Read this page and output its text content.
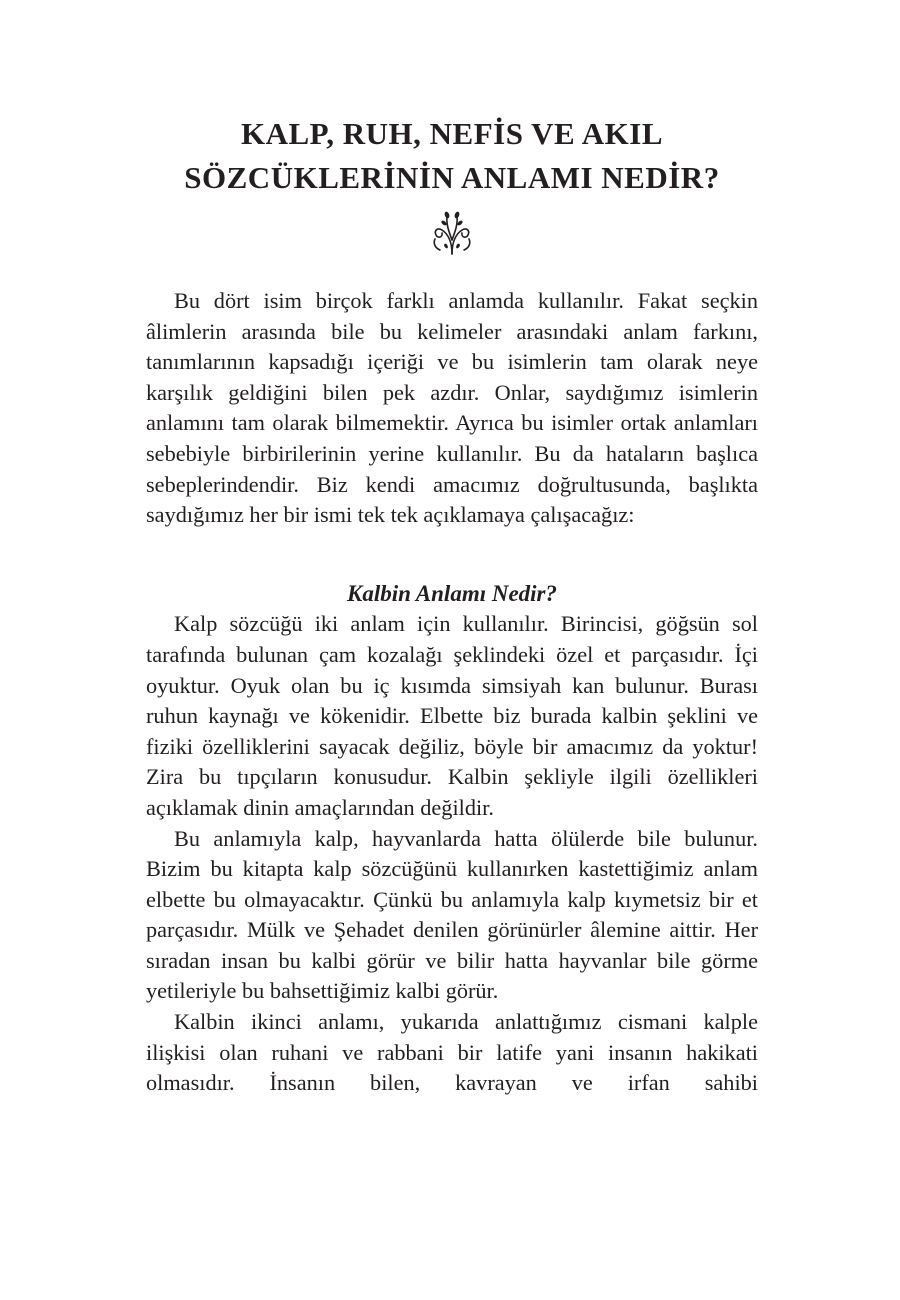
KALP, RUH, NEFİS VE AKIL
SÖZCÜKLERİNİN ANLAMI NEDİR?

Bu dört isim birçok farklı anlamda kullanılır. Fakat seçkin âlimlerin arasında bile bu kelimeler arasındaki anlam farkını, tanımlarının kapsadığı içeriği ve bu isimlerin tam olarak neye karşılık geldiğini bilen pek azdır. Onlar, saydığımız isimlerin anlamını tam olarak bilmemektir. Ayrıca bu isimler ortak anlamları sebebiyle birbirilerinin yerine kullanılır. Bu da hataların başlıca sebeplerindendir. Biz kendi amacımız doğrultusunda, başlıkta saydığımız her bir ismi tek tek açıklamaya çalışacağız:

Kalbin Anlamı Nedir?

Kalp sözcüğü iki anlam için kullanılır. Birincisi, göğsün sol tarafında bulunan çam kozalağı şeklindeki özel et parçasıdır. İçi oyuktur. Oyuk olan bu iç kısımda simsiyah kan bulunur. Burası ruhun kaynağı ve kökenidir. Elbette biz burada kalbin şeklini ve fiziki özelliklerini sayacak değiliz, böyle bir amacımız da yoktur! Zira bu tıpçıların konusudur. Kalbin şekliyle ilgili özellikleri açıklamak dinin amaçlarından değildir.

Bu anlamıyla kalp, hayvanlarda hatta ölülerde bile bulunur. Bizim bu kitapta kalp sözcüğünü kullanırken kastettiğimiz anlam elbette bu olmayacaktır. Çünkü bu anlamıyla kalp kıymetsiz bir et parçasıdır. Mülk ve Şehadet denilen görünürler âlemine aittir. Her sıradan insan bu kalbi görür ve bilir hatta hayvanlar bile görme yetileriyle bu bahsettiğimiz kalbi görür.

Kalbin ikinci anlamı, yukarıda anlattığımız cismani kalple ilişkisi olan ruhani ve rabbani bir latife yani insanın hakikati olmasıdır. İnsanın bilen, kavrayan ve irfan sahibi
